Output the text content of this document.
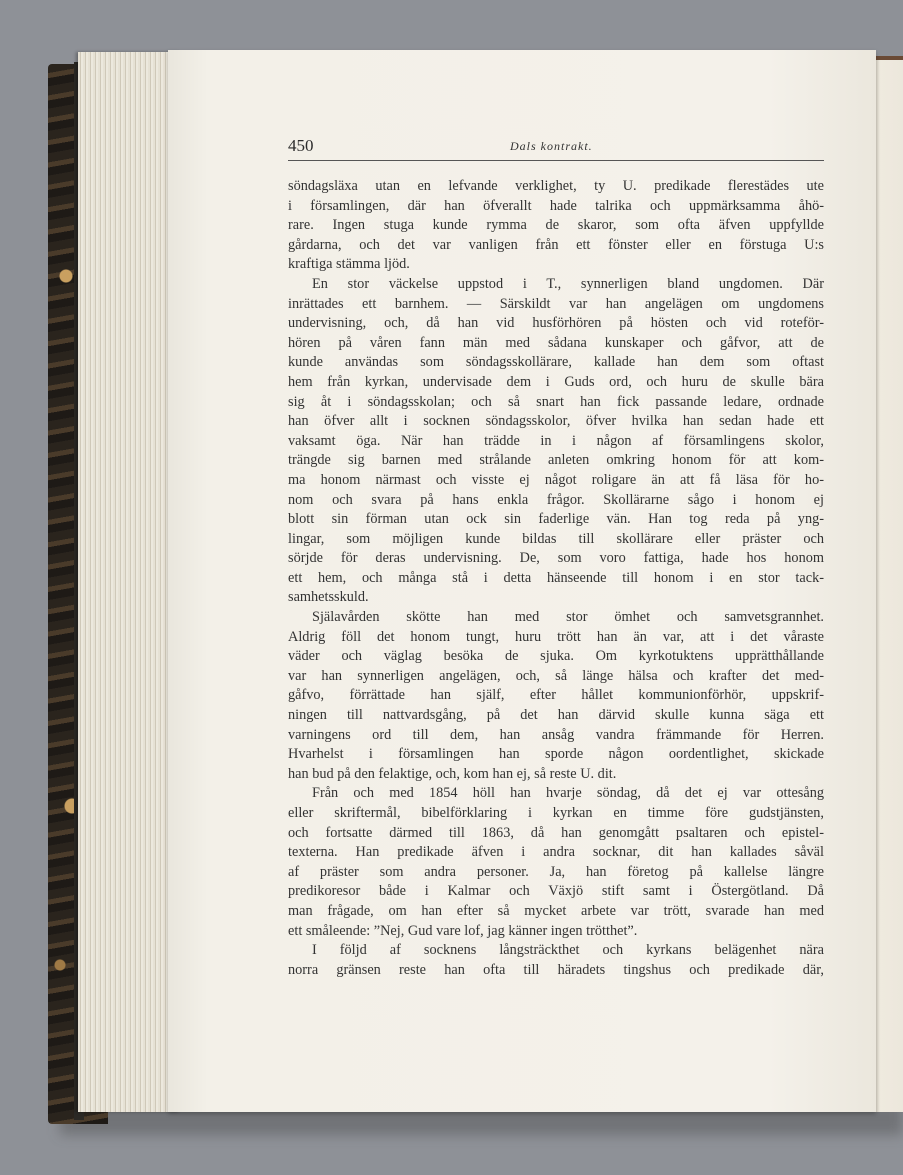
450	Dals kontrakt.
söndagsläxa utan en lefvande verklighet, ty U. predikade flerestädes ute
i församlingen, där han öfverallt hade talrika och uppmärksamma åhö-
rare. Ingen stuga kunde rymma de skaror, som ofta äfven uppfyllde
gårdarna, och det var vanligen från ett fönster eller en förstuga U:s
kraftiga stämma ljöd.
En stor väckelse uppstod i T., synnerligen bland ungdomen. Där
inrättades ett barnhem. — Särskildt var han angelägen om ungdomens
undervisning, och, då han vid husförhören på hösten och vid roteför-
hören på våren fann män med sådana kunskaper och gåfvor, att de
kunde användas som söndagsskollärare, kallade han dem som oftast
hem från kyrkan, undervisade dem i Guds ord, och huru de skulle bära
sig åt i söndagsskolan; och så snart han fick passande ledare, ordnade
han öfver allt i socknen söndagsskolor, öfver hvilka han sedan hade ett
vaksamt öga. När han trädde in i någon af församlingens skolor,
trängde sig barnen med strålande anleten omkring honom för att kom-
ma honom närmast och visste ej något roligare än att få läsa för ho-
nom och svara på hans enkla frågor. Skollärarne sågo i honom ej
blott sin förman utan ock sin faderlige vän. Han tog reda på yng-
lingar, som möjligen kunde bildas till skollärare eller präster och
sörjde för deras undervisning. De, som voro fattiga, hade hos honom
ett hem, och många stå i detta hänseende till honom i en stor tack-
samhetsskuld.
Själavården skötte han med stor ömhet och samvetsgrannhet.
Aldrig föll det honom tungt, huru trött han än var, att i det våraste
väder och väglag besöka de sjuka. Om kyrkotuktens upprätthållande
var han synnerligen angelägen, och, så länge hälsa och krafter det med-
gåfvo, förrättade han själf, efter hållet kommunionförhör, uppskrif-
ningen till nattvardsgång, på det han därvid skulle kunna säga ett
varningens ord till dem, han ansåg vandra främmande för Herren.
Hvarhelst i församlingen han sporde någon oordentlighet, skickade
han bud på den felaktige, och, kom han ej, så reste U. dit.
Från och med 1854 höll han hvarje söndag, då det ej var ottesång
eller skriftermål, bibelförklaring i kyrkan en timme före gudstjänsten,
och fortsatte därmed till 1863, då han genomgått psaltaren och epistel-
texterna. Han predikade äfven i andra socknar, dit han kallades såväl
af präster som andra personer. Ja, han företog på kallelse längre
predikoresor både i Kalmar och Växjö stift samt i Östergötland. Då
man frågade, om han efter så mycket arbete var trött, svarade han med
ett småleende: ”Nej, Gud vare lof, jag känner ingen trötthet”.
I följd af socknens långsträckthet och kyrkans belägenhet nära
norra gränsen reste han ofta till häradets tingshus och predikade där,
